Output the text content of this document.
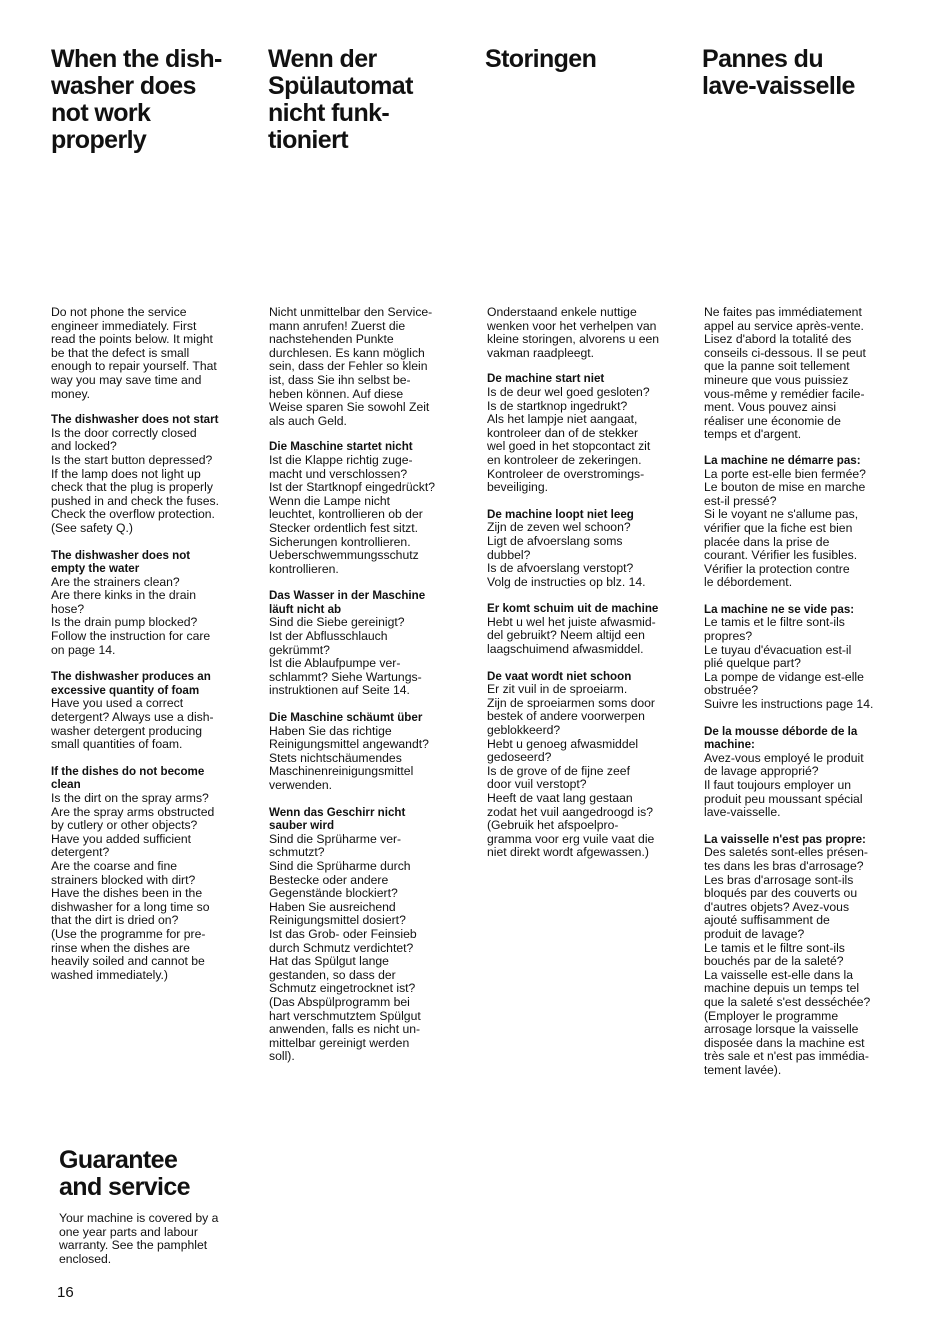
When the dish-
washer does
not work
properly
Wenn der
Spülautomat
nicht funk-
tioniert
Storingen	Pannes du
lave-vaisselle

Do not phone the service
engineer immediately. First
read the points below. It might
be that the defect is small
enough to repair yourself. That
way you may save time and
money.

The dishwasher does not start
Is the door correctly closed
and locked?
Is the start button depressed?
If the lamp does not light up
check that the plug is properly
pushed in and check the fuses.
Check the overflow protection.
(See safety Q.)
The dishwasher does not
empty the water
Are the strainers clean?
Are there kinks in the drain
hose?
Is the drain pump blocked?
Follow the instruction for care
on page 14.
The dishwasher produces an
excessive quantity of foam
Have you used a correct
detergent? Always use a dish-
washer detergent producing
small quantities of foam.
If the dishes do not become
clean
Is the dirt on the spray arms?
Are the spray arms obstructed
by cutlery or other objects?
Have you added sufficient
detergent?
Are the coarse and fine
strainers blocked with dirt?
Have the dishes been in the
dishwasher for a long time so
that the dirt is dried on?
(Use the programme for pre-
rinse when the dishes are
heavily soiled and cannot be
washed immediately.)

Nicht unmittelbar den Service-
mann anrufen! Zuerst die
nachstehenden Punkte
durchlesen. Es kann möglich
sein, dass der Fehler so klein
ist, dass Sie ihn selbst be-
heben können. Auf diese
Weise sparen Sie sowohl Zeit
als auch Geld.

Die Maschine startet nicht
Ist die Klappe richtig zuge-
macht und verschlossen?
Ist der Startknopf eingedrückt?
Wenn die Lampe nicht
leuchtet, kontrollieren ob der
Stecker ordentlich fest sitzt.
Sicherungen kontrollieren.
Ueberschwemmungsschutz
kontrollieren.
Das Wasser in der Maschine
läuft nicht ab
Sind die Siebe gereinigt?
Ist der Abflusschlauch
gekrümmt?
Ist die Ablaufpumpe ver-
schlammt? Siehe Wartungs-
instruktionen auf Seite 14.
Die Maschine schäumt über
Haben Sie das richtige
Reinigungsmittel angewandt?
Stets nichtschäumendes
Maschinenreinigungsmittel
verwenden.
Wenn das Geschirr nicht
sauber wird
Sind die Sprüharme ver-
schmutzt?
Sind die Sprüharme durch
Bestecke oder andere
Gegenstände blockiert?
Haben Sie ausreichend
Reinigungsmittel dosiert?
Ist das Grob- oder Feinsieb
durch Schmutz verdichtet?
Hat das Spülgut lange
gestanden, so dass der
Schmutz eingetrocknet ist?
(Das Abspülprogramm bei
hart verschmutztem Spülgut
anwenden, falls es nicht un-
mittelbar gereinigt werden
soll).

Onderstaand enkele nuttige
wenken voor het verhelpen van
kleine storingen, alvorens u een
vakman raadpleegt.

De machine start niet
Is de deur wel goed gesloten?
Is de startknop ingedrukt?
Als het lampje niet aangaat,
kontroleer dan of de stekker
wel goed in het stopcontact zit
en kontroleer de zekeringen.
Kontroleer de overstromings-
beveiliging.
De machine loopt niet leeg
Zijn de zeven wel schoon?
Ligt de afvoerslang soms
dubbel?
Is de afvoerslang verstopt?
Volg de instructies op blz. 14.
Er komt schuim uit de machine
Hebt u wel het juiste afwasmid-
del gebruikt? Neem altijd een
laagschuimend afwasmiddel.
De vaat wordt niet schoon
Er zit vuil in de sproeiarm.
Zijn de sproeiarmen soms door
bestek of andere voorwerpen
geblokkeerd?
Hebt u genoeg afwasmiddel
gedoseerd?
Is de grove of de fijne zeef
door vuil verstopt?
Heeft de vaat lang gestaan
zodat het vuil aangedroogd is?
(Gebruik het afspoelpro-
gramma voor erg vuile vaat die
niet direkt wordt afgewassen.)

Ne faites pas immédiatement
appel au service après-vente.
Lisez d'abord la totalité des
conseils ci-dessous. Il se peut
que la panne soit tellement
mineure que vous puissiez
vous-même y remédier facile-
ment. Vous pouvez ainsi
réaliser une économie de
temps et d'argent.

La machine ne démarre pas:
La porte est-elle bien fermée?
Le bouton de mise en marche
est-il pressé?
Si le voyant ne s'allume pas,
vérifier que la fiche est bien
placée dans la prise de
courant. Vérifier les fusibles.
Vérifier la protection contre
le débordement.
La machine ne se vide pas:
Le tamis et le filtre sont-ils
propres?
Le tuyau d'évacuation est-il
plié quelque part?
La pompe de vidange est-elle
obstruée?
Suivre les instructions page 14.
De la mousse déborde de la
machine:
Avez-vous employé le produit
de lavage approprié?
Il faut toujours employer un
produit peu moussant spécial
lave-vaisselle.
La vaisselle n'est pas propre:
Des saletés sont-elles présen-
tes dans les bras d'arrosage?
Les bras d'arrosage sont-ils
bloqués par des couverts ou
d'autres objets? Avez-vous
ajouté suffisamment de
produit de lavage?
Le tamis et le filtre sont-ils
bouchés par de la saleté?
La vaisselle est-elle dans la
machine depuis un temps tel
que la saleté s'est desséchée?
(Employer le programme
arrosage lorsque la vaisselle
disposée dans la machine est
très sale et n'est pas immédia-
tement lavée).
Guarantee
and service
Your machine is covered by a
one year parts and labour
warranty. See the pamphlet
enclosed.
16
